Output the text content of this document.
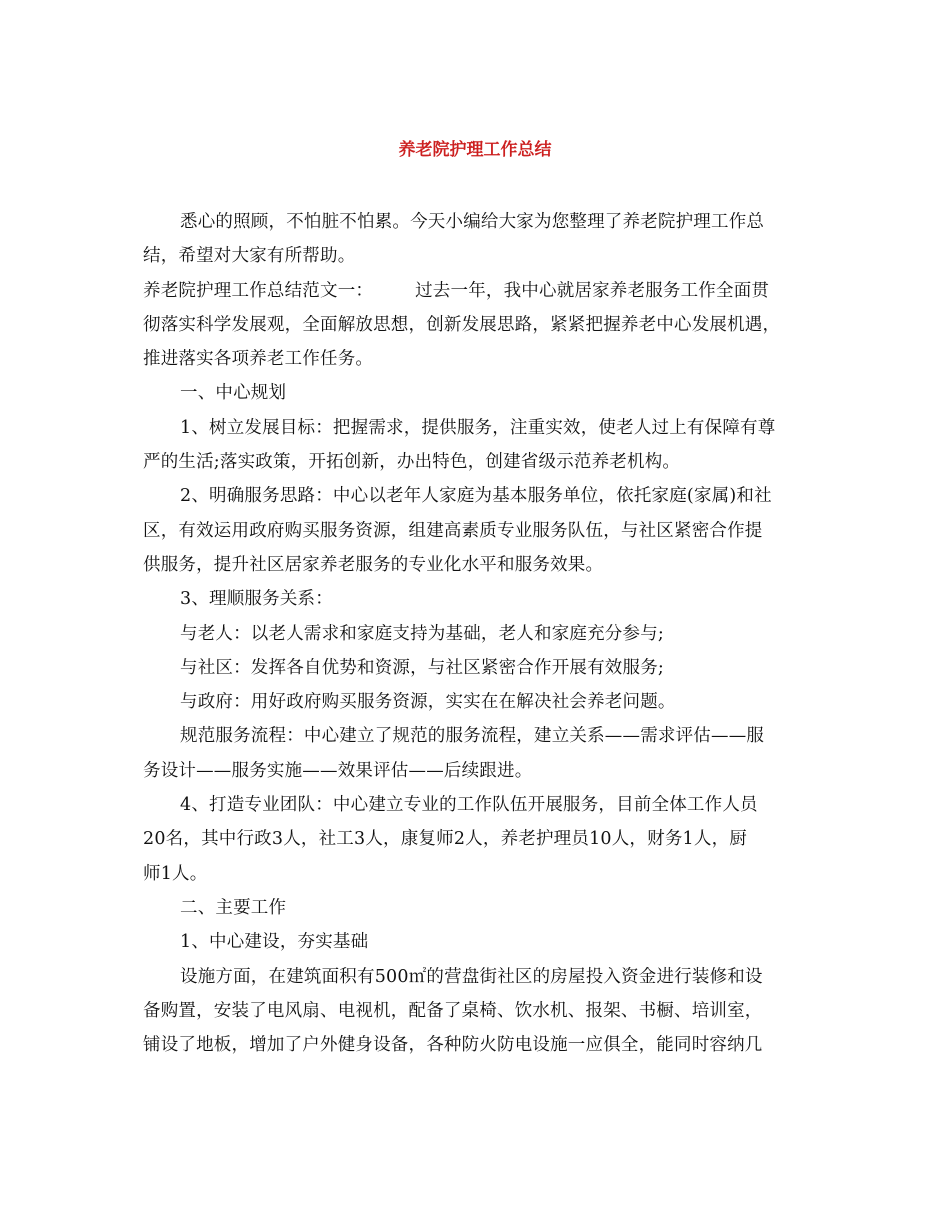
养老院护理工作总结
悉心的照顾，不怕脏不怕累。今天小编给大家为您整理了养老院护理工作总
结，希望对大家有所帮助。
养老院护理工作总结范文一： 过去一年，我中心就居家养老服务工作全面贯
彻落实科学发展观，全面解放思想，创新发展思路，紧紧把握养老中心发展机遇，
推进落实各项养老工作任务。
一、中心规划
1、树立发展目标：把握需求，提供服务，注重实效，使老人过上有保障有尊
严的生活;落实政策，开拓创新，办出特色，创建省级示范养老机构。
2、明确服务思路：中心以老年人家庭为基本服务单位，依托家庭(家属)和社
区，有效运用政府购买服务资源，组建高素质专业服务队伍，与社区紧密合作提
供服务，提升社区居家养老服务的专业化水平和服务效果。
3、理顺服务关系：
与老人：以老人需求和家庭支持为基础，老人和家庭充分参与;
与社区：发挥各自优势和资源，与社区紧密合作开展有效服务;
与政府：用好政府购买服务资源，实实在在解决社会养老问题。
规范服务流程：中心建立了规范的服务流程，建立关系——需求评估——服
务设计——服务实施——效果评估——后续跟进。
4、打造专业团队：中心建立专业的工作队伍开展服务，目前全体工作人员
20名，其中行政3人，社工3人，康复师2人，养老护理员10人，财务1人，厨
师1人。
二、主要工作
1、中心建设，夯实基础
设施方面，在建筑面积有500㎡的营盘街社区的房屋投入资金进行装修和设
备购置，安装了电风扇、电视机，配备了桌椅、饮水机、报架、书橱、培训室，
铺设了地板，增加了户外健身设备，各种防火防电设施一应俱全，能同时容纳几
